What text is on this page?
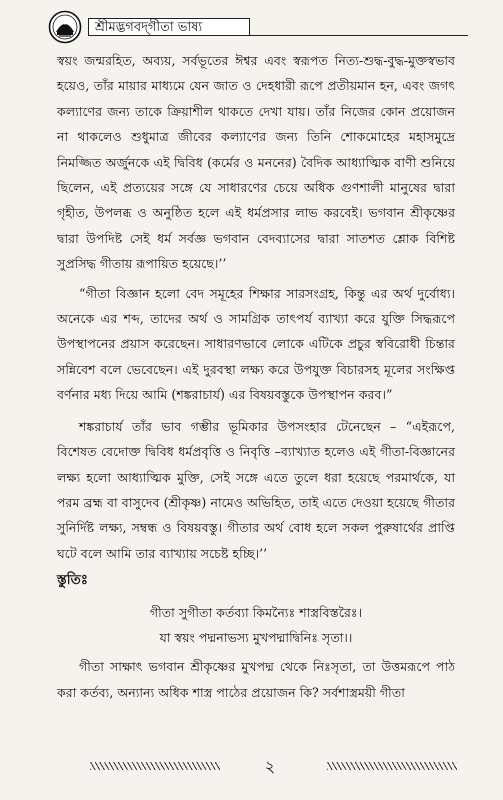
শ্রীমদ্ভগবদ্‌গীতা ভাষ্য

স্বয়ং জন্মরহিত, অব্যয়, সর্বভূতের ঈশ্বর এবং স্বরূপত নিত্য-শুদ্ধ-বুদ্ধ-মুক্তস্বভাব হয়েও, তাঁর মায়ার মাধ্যমে যেন জাত ও দেহধারী রূপে প্রতীয়মান হন, এবং জগৎ কল্যাণের জন্য তাকে ক্রিয়াশীল থাকতে দেখা যায়। তাঁর নিজের কোন প্রয়োজন না থাকলেও শুধুমাত্র জীবের কল্যাণের জন্য তিনি শোকমোহের মহাসমুদ্রে নিমজ্জিত অর্জুনকে এই দ্বিবিধ (কর্মের ও মননের) বৈদিক আধ্যাত্মিক বাণী শুনিয়ে ছিলেন, এই প্রত্যয়ের সঙ্গে যে সাধারণের চেয়ে অধিক গুণশালী মানুষের দ্বারা গৃহীত, উপলব্ধ ও অনুষ্ঠিত হলে এই ধর্মপ্রসার লাভ করবেই। ভগবান শ্রীকৃষ্ণের দ্বারা উপদিষ্ট সেই ধর্ম সর্বজ্ঞ ভগবান বেদব্যাসের দ্বারা সাতশত শ্লোক বিশিষ্ট সুপ্রসিদ্ধ গীতায় রূপায়িত হয়েছে।’’

“গীতা বিজ্ঞান হলো বেদ সমূহের শিক্ষার সারসংগ্রহ, কিন্তু এর অর্থ দুর্বোধ্য। অনেকে এর শব্দ, তাদের অর্থ ও সামগ্রিক তাৎপর্য ব্যাখ্যা করে যুক্তি সিদ্ধরূপে উপস্থাপনের প্রয়াস করেছেন। সাধারণভাবে লোকে এটিকে প্রচুর স্ববিরোধী চিন্তার সন্নিবেশ বলে ভেবেছেন। এই দুরবস্থা লক্ষ্য করে উপযুক্ত বিচারসহ মূলের সংক্ষিপ্ত বর্ণনার মধ্য দিয়ে আমি (শঙ্করাচার্য) এর বিষয়বস্তুকে উপস্থাপন করব।”

শঙ্করাচার্য তাঁর ভাব গম্ভীর ভূমিকার উপসংহার টেনেছেন – “এইরূপে, বিশেষত বেদোক্ত দ্বিবিধ ধর্মপ্রবৃত্তি ও নিবৃত্তি –ব্যাখ্যাত হলেও এই গীতা-বিজ্ঞানের লক্ষ্য হলো আধ্যাত্মিক মুক্তি, সেই সঙ্গে এতে তুলে ধরা হয়েছে পরমার্থকে, যা পরম ব্রহ্ম বা বাসুদেব (শ্রীকৃষ্ণ) নামেও অভিহিত, তাই এতে দেওয়া হয়েছে গীতার সুনির্দিষ্ট লক্ষ্য, সম্বন্ধ ও বিষয়বস্তু। গীতার অর্থ বোধ হলে সকল পুরুষার্থের প্রাপ্তি ঘটে বলে আমি তার ব্যাখ্যায় সচেষ্ট হচ্ছি।’’

স্তুতিঃ

গীতা সুগীতা কর্তব্যা কিমন্যৈঃ শাস্ত্রবিস্তরৈঃ।
যা স্বয়ং পদ্মনাভস্য মুখপদ্মাদ্বিনিঃ সৃতা।।

গীতা সাক্ষাৎ ভগবান শ্রীকৃষ্ণের মুখপদ্ম থেকে নিঃসৃতা, তা উত্তমরূপে পাঠ করা কর্তব্য, অন্যান্য অধিক শাস্ত্র পাঠের প্রয়োজন কি? সর্বশাস্ত্রময়ী গীতা

২
